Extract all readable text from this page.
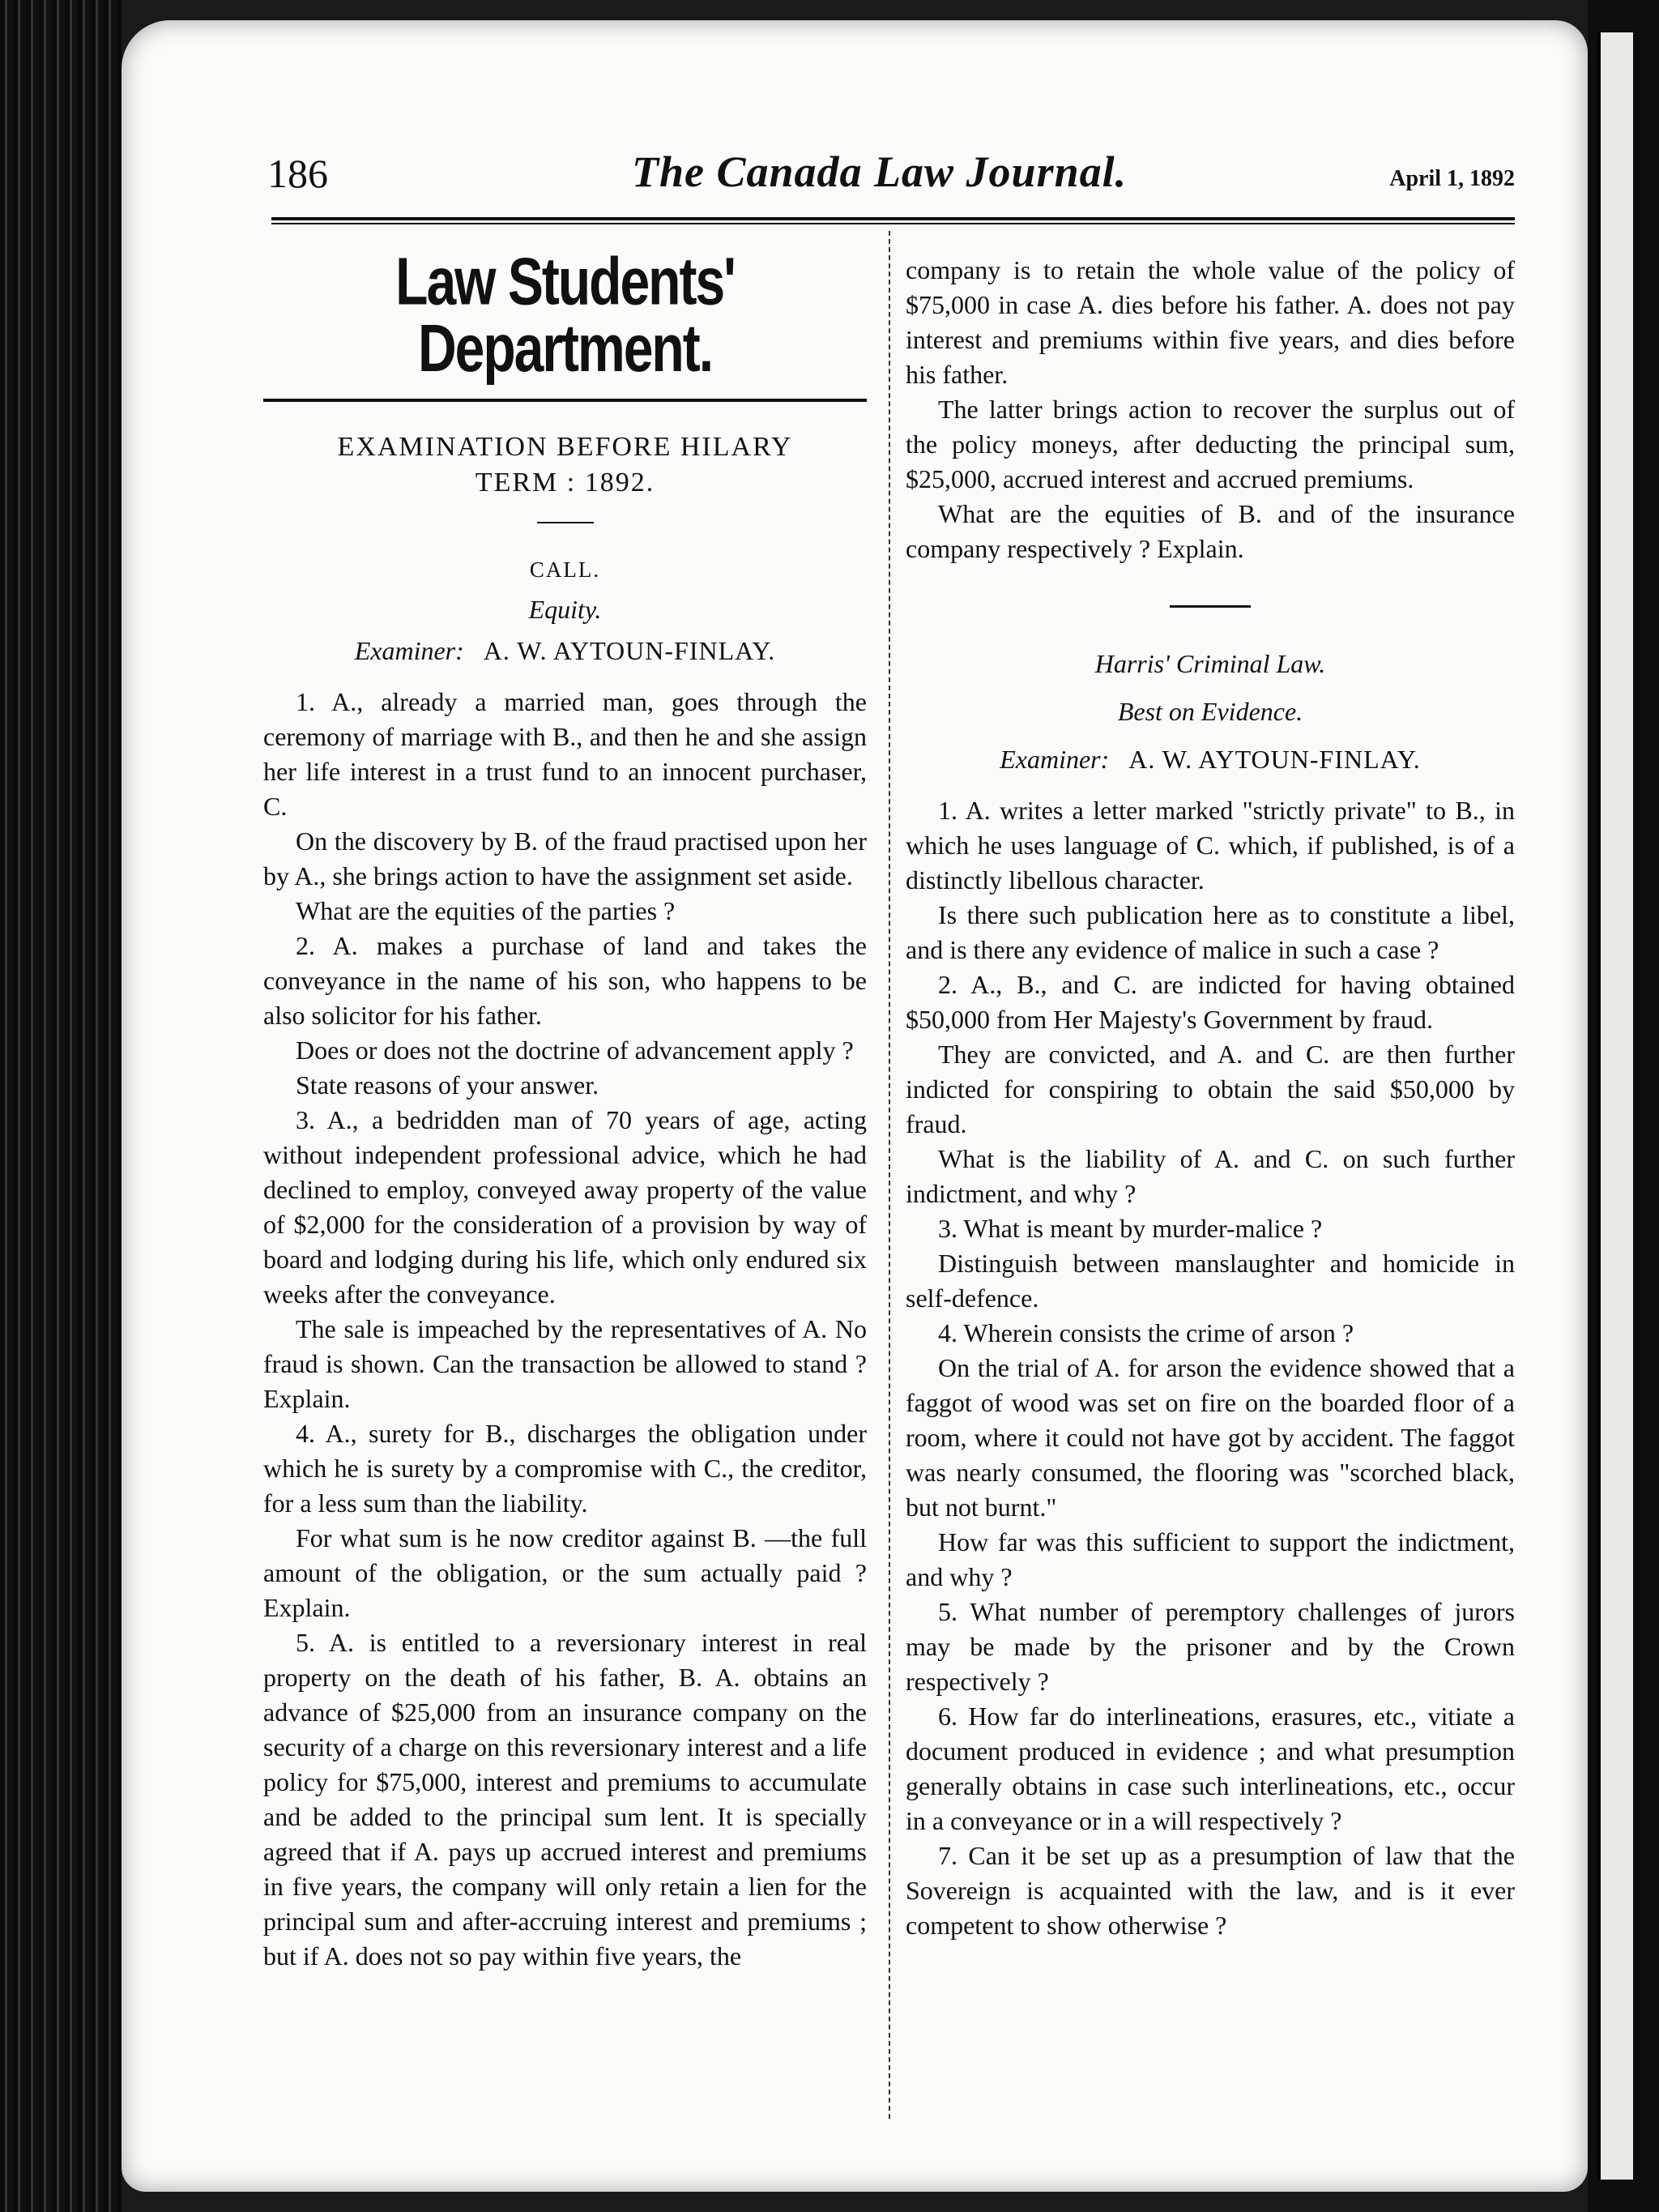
186	The Canada Law Journal.	April 1, 1892
Law Students' Department.
EXAMINATION BEFORE HILARY
TERM : 1892.
CALL.
Equity.
Examiner: A. W. AYTOUN-FINLAY.

1. A., already a married man, goes through the ceremony of marriage with B., and then he and she assign her life interest in a trust fund to an innocent purchaser, C.

On the discovery by B. of the fraud practised upon her by A., she brings action to have the assignment set aside.

What are the equities of the parties ?

2. A. makes a purchase of land and takes the conveyance in the name of his son, who happens to be also solicitor for his father.

Does or does not the doctrine of advancement apply ?

State reasons of your answer.

3. A., a bedridden man of 70 years of age, acting without independent professional advice, which he had declined to employ, conveyed away property of the value of $2,000 for the consideration of a provision by way of board and lodging during his life, which only endured six weeks after the conveyance.

The sale is impeached by the representatives of A. No fraud is shown. Can the transaction be allowed to stand ? Explain.

4. A., surety for B., discharges the obligation under which he is surety by a compromise with C., the creditor, for a less sum than the liability.

For what sum is he now creditor against B. —the full amount of the obligation, or the sum actually paid ? Explain.

5. A. is entitled to a reversionary interest in real property on the death of his father, B. A. obtains an advance of $25,000 from an insurance company on the security of a charge on this reversionary interest and a life policy for $75,000, interest and premiums to accumulate and be added to the principal sum lent. It is specially agreed that if A. pays up accrued interest and premiums in five years, the company will only retain a lien for the principal sum and after-accruing interest and premiums ; but if A. does not so pay within five years, the

company is to retain the whole value of the policy of $75,000 in case A. dies before his father. A. does not pay interest and premiums within five years, and dies before his father.

The latter brings action to recover the surplus out of the policy moneys, after deducting the principal sum, $25,000, accrued interest and accrued premiums.

What are the equities of B. and of the insurance company respectively ? Explain.

Harris' Criminal Law.
Best on Evidence.
Examiner: A. W. AYTOUN-FINLAY.

1. A. writes a letter marked "strictly private" to B., in which he uses language of C. which, if published, is of a distinctly libellous character.

Is there such publication here as to constitute a libel, and is there any evidence of malice in such a case ?

2. A., B., and C. are indicted for having obtained $50,000 from Her Majesty's Government by fraud.

They are convicted, and A. and C. are then further indicted for conspiring to obtain the said $50,000 by fraud.

What is the liability of A. and C. on such further indictment, and why ?

3. What is meant by murder-malice ?

Distinguish between manslaughter and homicide in self-defence.

4. Wherein consists the crime of arson ?

On the trial of A. for arson the evidence showed that a faggot of wood was set on fire on the boarded floor of a room, where it could not have got by accident. The faggot was nearly consumed, the flooring was "scorched black, but not burnt."

How far was this sufficient to support the indictment, and why ?

5. What number of peremptory challenges of jurors may be made by the prisoner and by the Crown respectively ?

6. How far do interlineations, erasures, etc., vitiate a document produced in evidence ; and what presumption generally obtains in case such interlineations, etc., occur in a conveyance or in a will respectively ?

7. Can it be set up as a presumption of law that the Sovereign is acquainted with the law, and is it ever competent to show otherwise ?
